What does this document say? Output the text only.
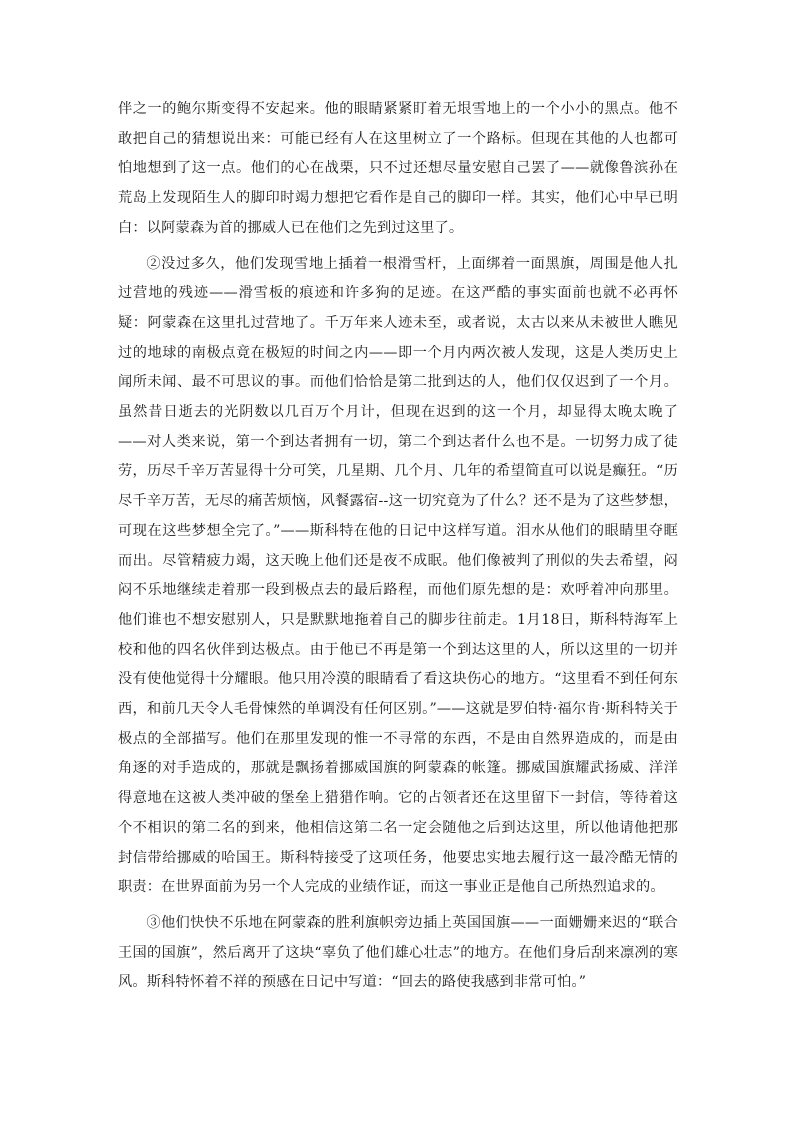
伴之一的鲍尔斯变得不安起来。他的眼睛紧紧盯着无垠雪地上的一个小小的黑点。他不敢把自己的猜想说出来：可能已经有人在这里树立了一个路标。但现在其他的人也都可怕地想到了这一点。他们的心在战栗，只不过还想尽量安慰自己罢了——就像鲁滨孙在荒岛上发现陌生人的脚印时竭力想把它看作是自己的脚印一样。其实，他们心中早已明白：以阿蒙森为首的挪威人已在他们之先到过这里了。

②没过多久，他们发现雪地上插着一根滑雪杆，上面绑着一面黑旗，周围是他人扎过营地的残迹——滑雪板的痕迹和许多狗的足迹。在这严酷的事实面前也就不必再怀疑：阿蒙森在这里扎过营地了。千万年来人迹未至，或者说，太古以来从未被世人瞧见过的地球的南极点竟在极短的时间之内——即一个月内两次被人发现，这是人类历史上闻所未闻、最不可思议的事。而他们恰恰是第二批到达的人，他们仅仅迟到了一个月。虽然昔日逝去的光阴数以几百万个月计，但现在迟到的这一个月，却显得太晚太晚了——对人类来说，第一个到达者拥有一切，第二个到达者什么也不是。一切努力成了徒劳，历尽千辛万苦显得十分可笑，几星期、几个月、几年的希望简直可以说是癫狂。“历尽千辛万苦，无尽的痛苦烦恼，风餐露宿--这一切究竟为了什么？还不是为了这些梦想，可现在这些梦想全完了。”——斯科特在他的日记中这样写道。泪水从他们的眼睛里夺眶而出。尽管精疲力竭，这天晚上他们还是夜不成眠。他们像被判了刑似的失去希望，闷闷不乐地继续走着那一段到极点去的最后路程，而他们原先想的是：欢呼着冲向那里。他们谁也不想安慰别人，只是默默地拖着自己的脚步往前走。1月18日，斯科特海军上校和他的四名伙伴到达极点。由于他已不再是第一个到达这里的人，所以这里的一切并没有使他觉得十分耀眼。他只用冷漠的眼睛看了看这块伤心的地方。“这里看不到任何东西，和前几天令人毛骨悚然的单调没有任何区别。”——这就是罗伯特·福尔肯·斯科特关于极点的全部描写。他们在那里发现的惟一不寻常的东西，不是由自然界造成的，而是由角逐的对手造成的，那就是飘扬着挪威国旗的阿蒙森的帐篷。挪威国旗耀武扬威、洋洋得意地在这被人类冲破的堡垒上猎猎作响。它的占领者还在这里留下一封信，等待着这个不相识的第二名的到来，他相信这第二名一定会随他之后到达这里，所以他请他把那封信带给挪威的哈国王。斯科特接受了这项任务，他要忠实地去履行这一最冷酷无情的职责：在世界面前为另一个人完成的业绩作证，而这一事业正是他自己所热烈追求的。

③他们快快不乐地在阿蒙森的胜利旗帜旁边插上英国国旗——一面姗姗来迟的“联合王国的国旗”，然后离开了这块“辜负了他们雄心壮志”的地方。在他们身后刮来凛冽的寒风。斯科特怀着不祥的预感在日记中写道：“回去的路使我感到非常可怕。”
